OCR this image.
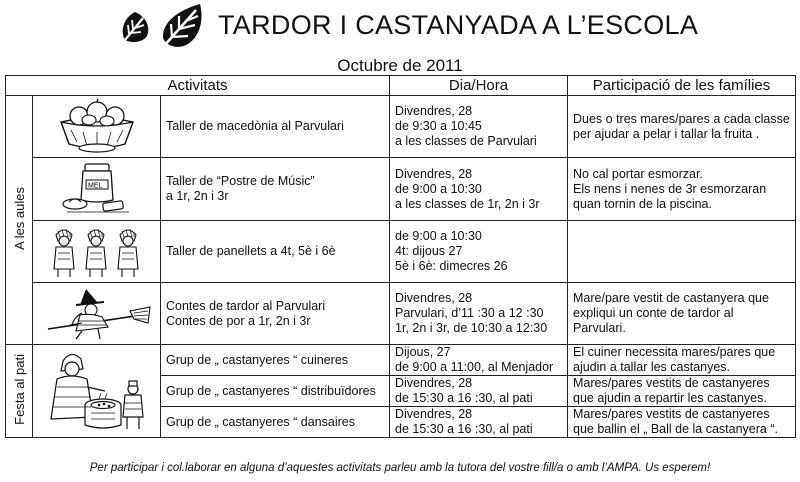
TARDOR I CASTANYADA A L’ESCOLA
Octubre de 2011
Activitats			Dia/Hora	Participació de les famílies
A les aules		Taller de macedònia al Parvulari	Divendres, 28
de 9:30 a 10:45
a les classes de Parvulari	Dues o tres mares/pares a cada classe
per ajudar a pelar i tallar la fruita .

MEL	Taller de “Postre de Músic”
a 1r, 2n i 3r	Divendres, 28
de 9:00 a 10:30
a les classes de 1r, 2n i 3r	No cal portar esmorzar.
Els nens i nenes de 3r esmorzaran
quan tornin de la piscina.

Taller de panellets a 4t, 5è i 6è	de 9:00 a 10:30
4t: dijous 27
5è i 6è: dimecres 26	

Contes de tardor al Parvulari
Contes de por a 1r, 2n i 3r	Divendres, 28
Parvulari, d’11 :30 a 12 :30
1r, 2n i 3r, de 10:30 a 12:30	Mare/pare vestit de castanyera que
expliqui un conte de tardor al
Parvulari.

Festa al pati		Grup de „ castanyeres “ cuineres	Dijous, 27
de 9:00 a 11:00, al Menjador	El cuiner necessita mares/pares que
ajudin a tallar les castanyes.

		Grup de „ castanyeres “ distribuïdores	Divendres, 28
de 15:30 a 16 :30, al pati	Mares/pares vestits de castanyeres
que ajudin a repartir les castanyes.

		Grup de „ castanyeres “ dansaires	Divendres, 28
de 15:30 a 16 :30, al pati	Mares/pares vestits de castanyeres
que ballin el „ Ball de la castanyera “.
Per participar i col.laborar en alguna d’aquestes activitats parleu amb la tutora del vostre fill/a o amb l’AMPA. Us esperem!
